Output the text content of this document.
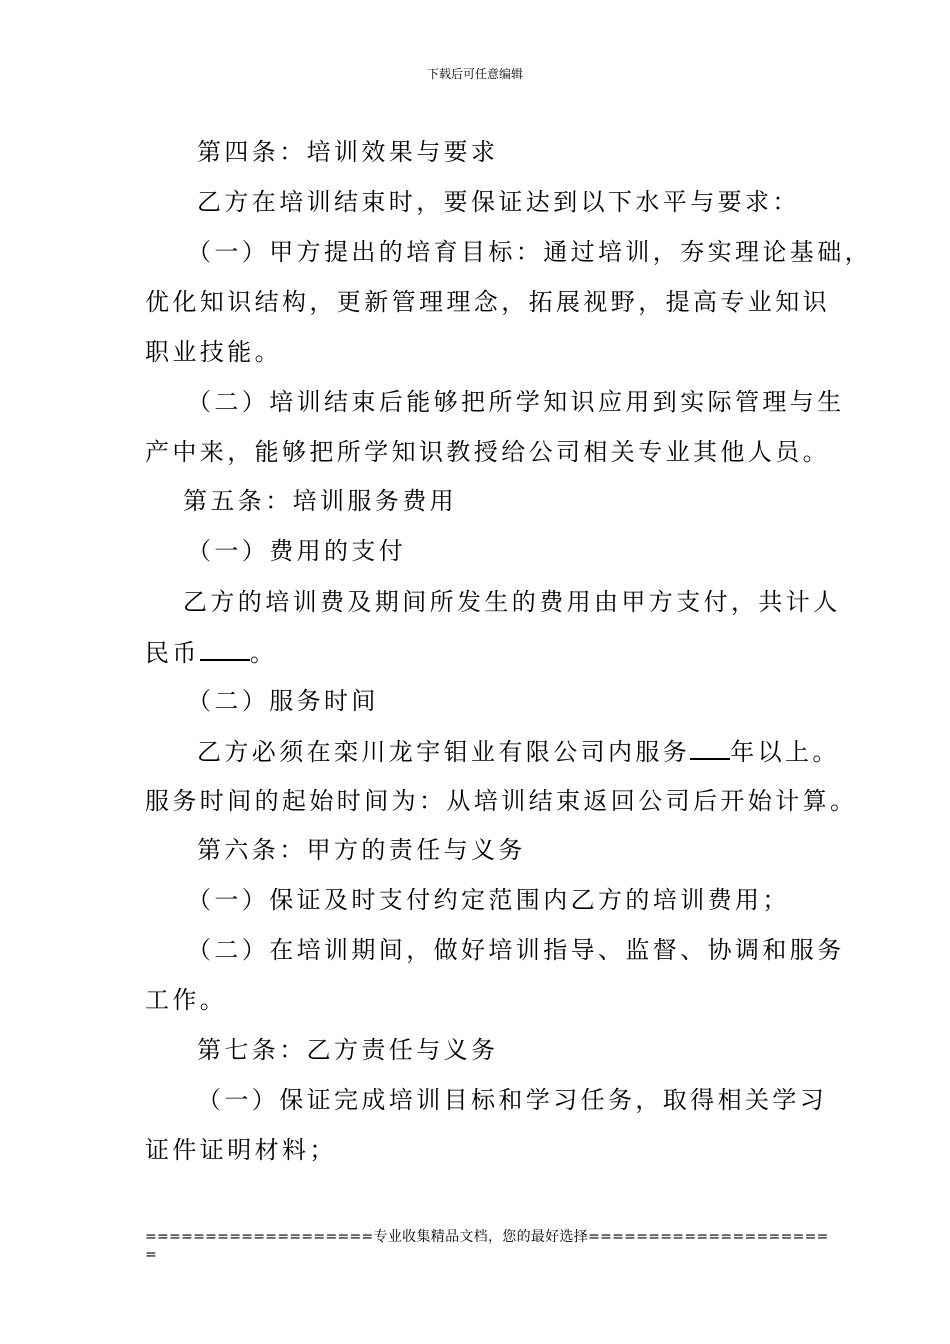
下载后可任意编辑
第四条：培训效果与要求
乙方在培训结束时，要保证达到以下水平与要求：
（一）甲方提出的培育目标：通过培训，夯实理论基础，
优化知识结构，更新管理理念，拓展视野，提高专业知识
职业技能。
（二）培训结束后能够把所学知识应用到实际管理与生
产中来，能够把所学知识教授给公司相关专业其他人员。
第五条：培训服务费用
（一）费用的支付
乙方的培训费及期间所发生的费用由甲方支付，共计人
民币 。
（二）服务时间
乙方必须在栾川龙宇钼业有限公司内服务 年以上。
服务时间的起始时间为：从培训结束返回公司后开始计算。
第六条：甲方的责任与义务
（一）保证及时支付约定范围内乙方的培训费用；
（二）在培训期间，做好培训指导、监督、协调和服务
工作。
第七条：乙方责任与义务
（一）保证完成培训目标和学习任务，取得相关学习
证件证明材料；
===================专业收集精品文档，您的最好选择====================
=
